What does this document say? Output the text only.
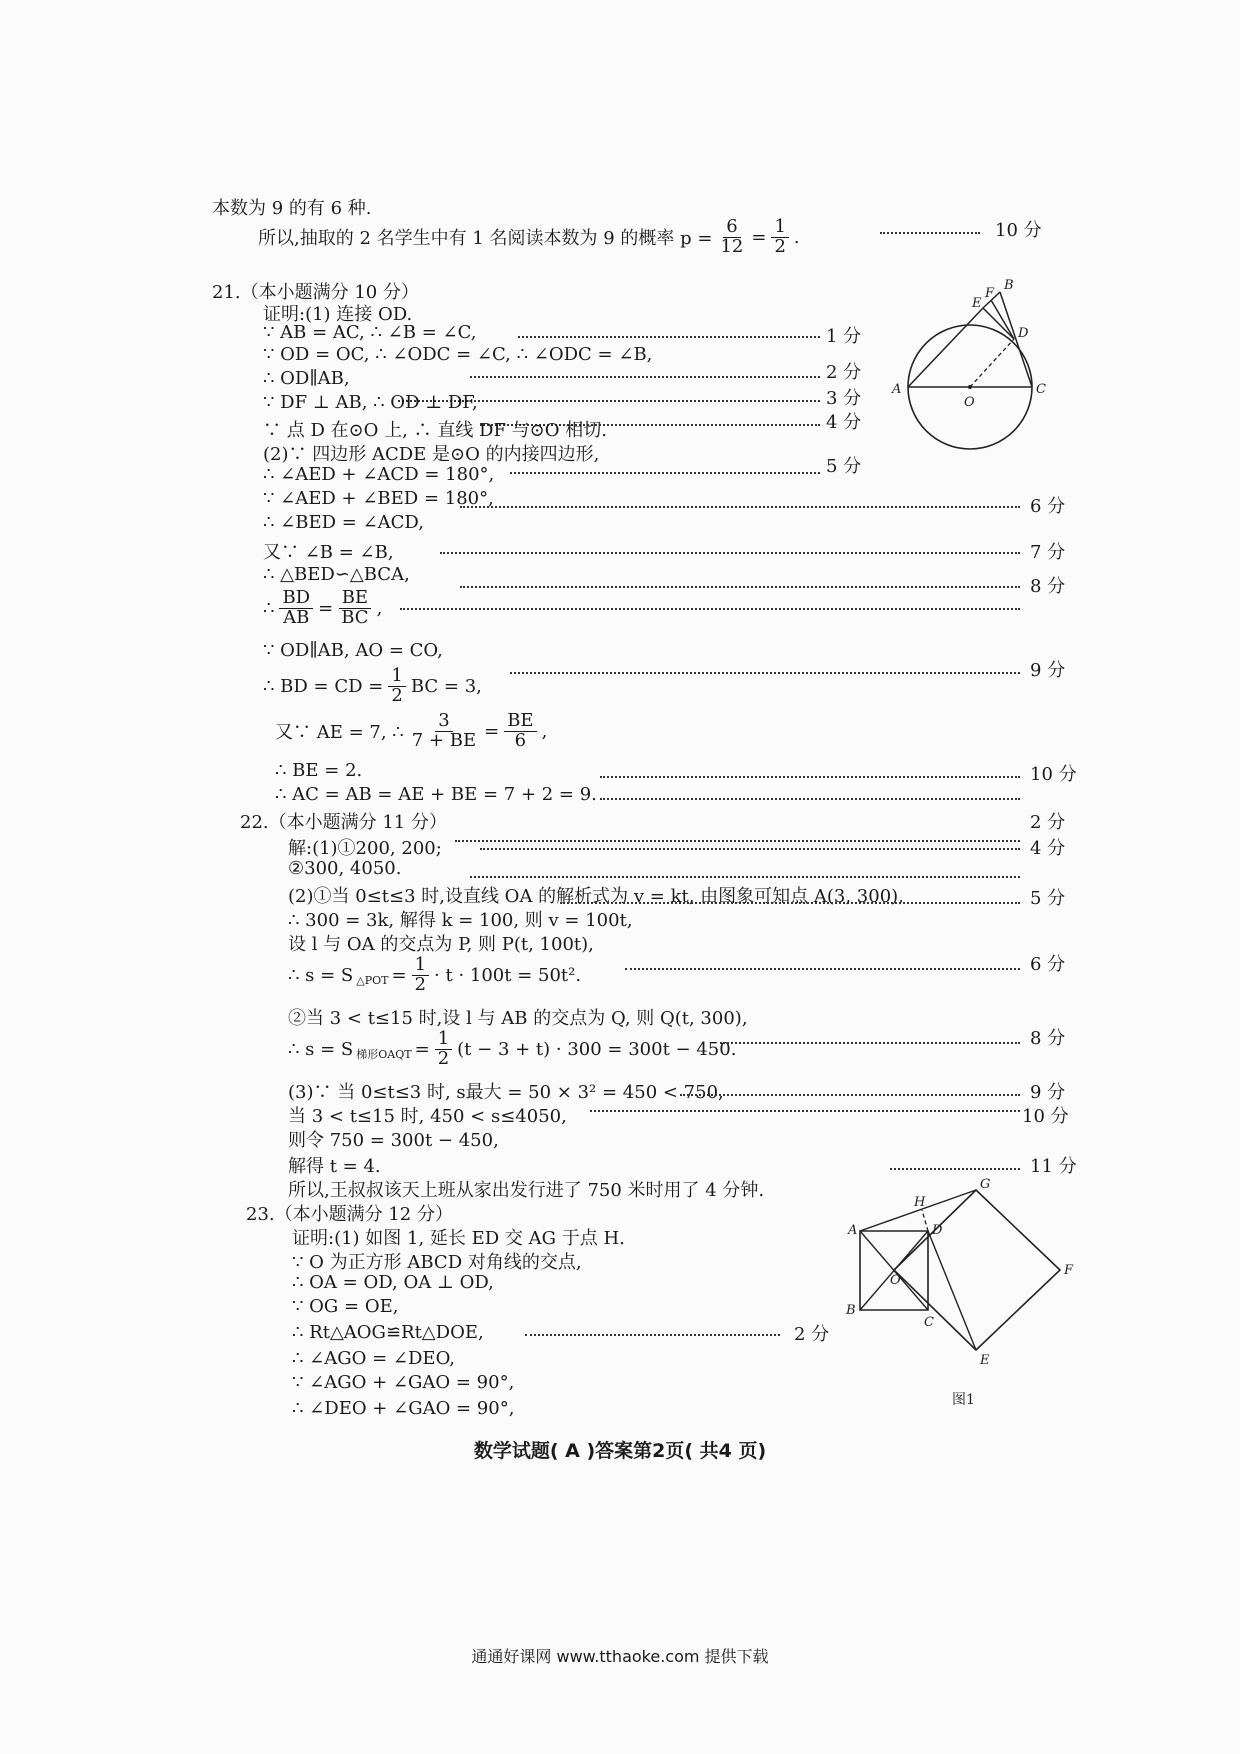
本数为 9 的有 6 种.
所以,抽取的 2 名学生中有 1 名阅读本数为 9 的概率 $p = \frac{6}{12} = \frac{1}{2}$ .	10 分
21.（本小题满分 10 分）
证明:(1) 连接 OD.
∵ AB = AC, ∴ ∠B = ∠C,	1 分
∵ OD = OC, ∴ ∠ODC = ∠C, ∴ ∠ODC = ∠B,
2 分
∴ OD∥AB,
3 分
∵ DF ⊥ AB, ∴ OD ⊥ DF,
4 分
∵ 点 D 在⊙O 上, ∴ 直线 DF 与⊙O 相切.
(2)∵ 四边形 ACDE 是⊙O 的内接四边形,
∴ ∠AED + ∠ACD = 180°,	5 分
∵ ∠AED + ∠BED = 180°,
∴ ∠BED = ∠ACD,
6 分
又∵ ∠B = ∠B,	7 分
∴ △BED∽△BCA,
8 分
∴ $\frac{BD}{AB} = \frac{BE}{BC}$ ,
∵ OD∥AB, AO = CO,
∴ BD = CD = $\frac{1}{2}$ BC = 3,
9 分
又∵ AE = 7, ∴ $\frac{3}{7 + BE} = \frac{BE}{6}$ ,
∴ BE = 2.	10 分
∴ AC = AB = AE + BE = 7 + 2 = 9.
A
B
C
D
E
F
O
22.（本小题满分 11 分）
解:(1)①200, 200;
2 分
4 分
②300, 4050.
(2)①当 0≤t≤3 时,设直线 OA 的解析式为 v = kt, 由图象可知点 A(3, 300),	5 分
∴ 300 = 3k, 解得 k = 100, 则 v = 100t,
设 l 与 OA 的交点为 P, 则 P(t, 100t),
∴ s = S △POT = $\frac{1}{2} \cdot t \cdot 100t = 50t^2$.
6 分
②当 3 < t≤15 时,设 l 与 AB 的交点为 Q, 则 Q(t, 300),
∴ s = S 梯形OAQT = $\frac{1}{2} (t - 3 + t) \cdot 300 = 300t - 450$.
8 分
(3)∵ 当 0≤t≤3 时, s最大 = 50 × 3² = 450 < 750,	9 分
当 3 < t≤15 时, 450 < s≤4050,	10 分
则令 750 = 300t − 450,
解得 t = 4.
所以,王叔叔该天上班从家出发行进了 750 米时用了 4 分钟.
11 分
23.（本小题满分 12 分）
证明:(1) 如图 1, 延长 ED 交 AG 于点 H.
∵ O 为正方形 ABCD 对角线的交点,
∴ OA = OD, OA ⊥ OD,
∵ OG = OE,
∴ Rt△AOG≌Rt△DOE,	2 分
∴ ∠AGO = ∠DEO,
∵ ∠AGO + ∠GAO = 90°,
∴ ∠DEO + ∠GAO = 90°,
A
B
C
D
E
F
G
H
O
图1
数学试题( A )答案第2页( 共4 页)
通通好课网 www.tthaoke.com 提供下载
